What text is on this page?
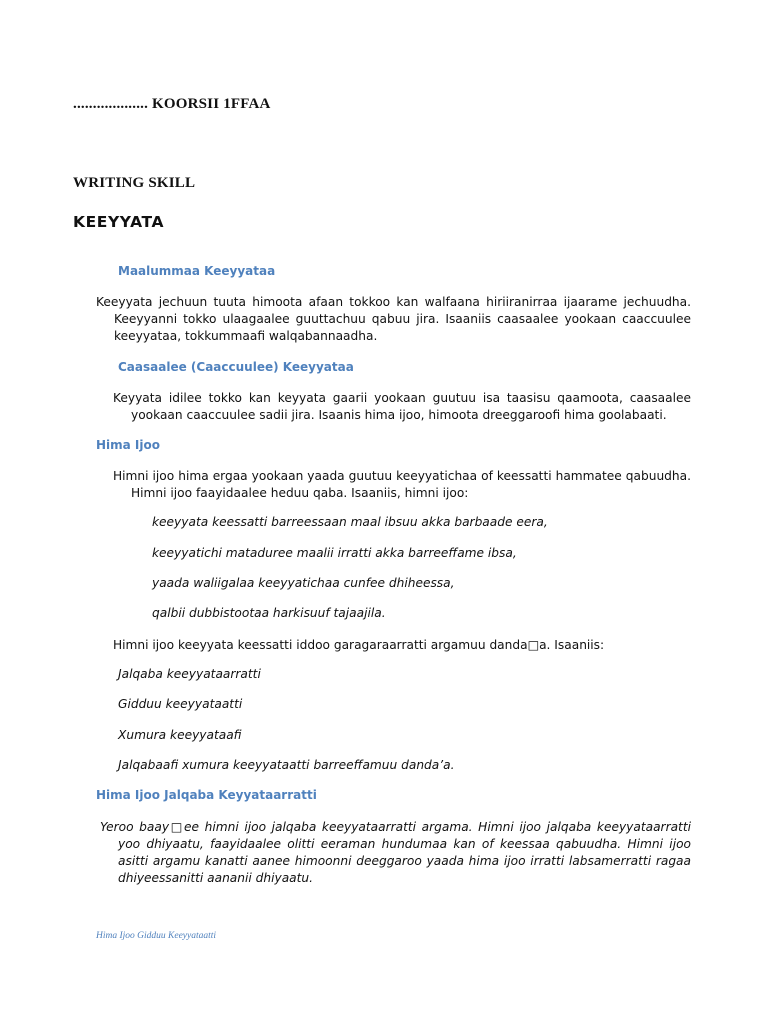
................... KOORSII 1FFAA
WRITING SKILL
KEEYYATA
Maalummaa Keeyyataa
Keeyyata jechuun tuuta himoota afaan tokkoo kan walfaana hiriiranirraa ijaarame jechuudha. Keeyyanni tokko ulaagaalee guuttachuu qabuu jira. Isaaniis caasaalee yookaan caaccuulee keeyyataa, tokkummaafi walqabannaadha.
Caasaalee (Caaccuulee) Keeyyataa
Keyyata idilee tokko kan keyyata gaarii yookaan guutuu isa taasisu qaamoota, caasaalee yookaan caaccuulee sadii jira. Isaanis hima ijoo, himoota dreeggaroofi hima goolabaati.
Hima Ijoo
Himni ijoo hima ergaa yookaan yaada guutuu keeyyatichaa of keessatti hammatee qabuudha. Himni ijoo faayidaalee heduu qaba. Isaaniis, himni ijoo:
keeyyata keessatti barreessaan maal ibsuu akka barbaade eera,
keeyyatichi mataduree maalii irratti akka barreeffame ibsa,
yaada waliigalaa keeyyatichaa cunfee dhiheessa,
qalbii dubbistootaa harkisuuf tajaajila.
Himni ijoo keeyyata keessatti iddoo garagaraarratti argamuu danda□a. Isaaniis:
Jalqaba keeyyataarratti
Gidduu keeyyataatti
Xumura keeyyataafi
Jalqabaafi xumura keeyyataatti barreeffamuu danda’a.
Hima Ijoo Jalqaba Keyyataarratti
Yeroo baay□ee himni ijoo jalqaba keeyyataarratti argama. Himni ijoo jalqaba keeyyataarratti yoo dhiyaatu, faayidaalee olitti eeraman hundumaa kan of keessaa qabuudha. Himni ijoo asitti argamu kanatti aanee himoonni deeggaroo yaada hima ijoo irratti labsamerratti ragaa dhiyeessanitti aananii dhiyaatu.
Hima Ijoo Gidduu Keeyyataatti
